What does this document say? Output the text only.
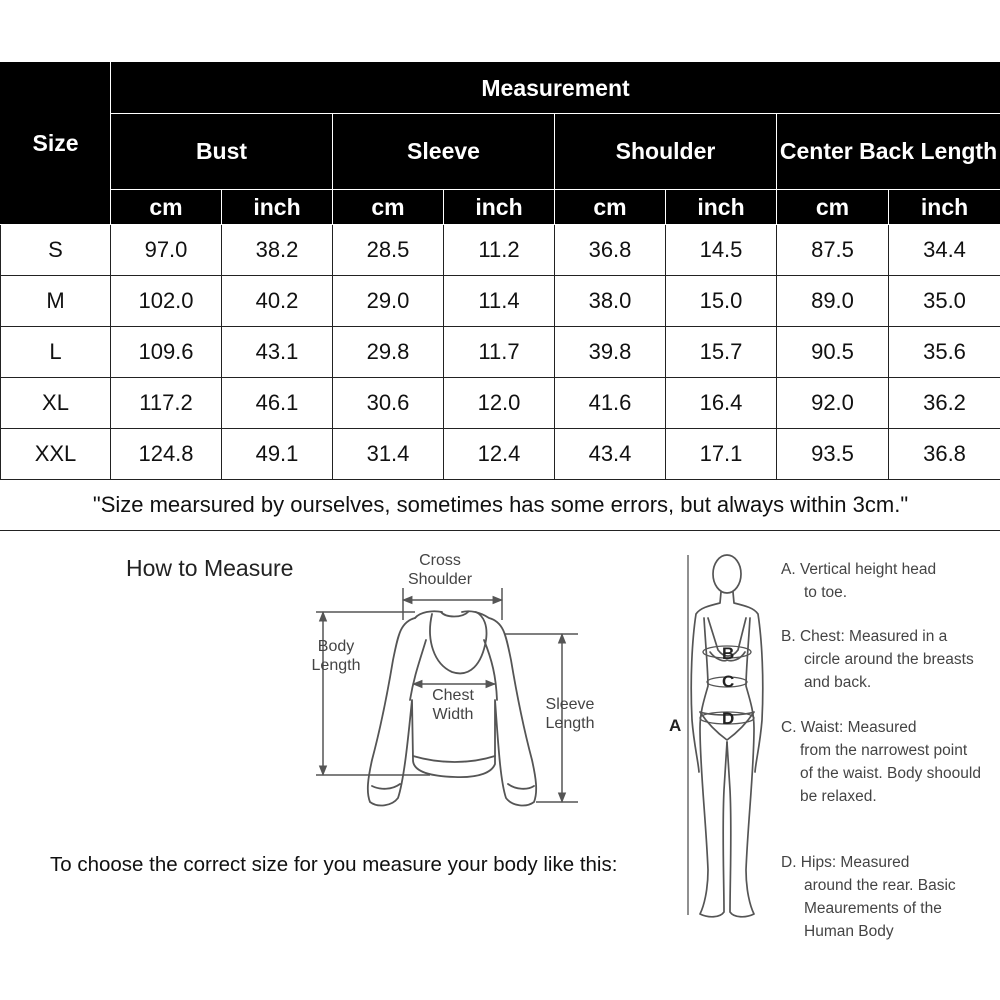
Size	Measurement							
	Bust		Sleeve		Shoulder		Center Back Length	
	cm	inch	cm	inch	cm	inch	cm	inch
S	97.0	38.2	28.5	11.2	36.8	14.5	87.5	34.4
M	102.0	40.2	29.0	11.4	38.0	15.0	89.0	35.0
L	109.6	43.1	29.8	11.7	39.8	15.7	90.5	35.6
XL	117.2	46.1	30.6	12.0	41.6	16.4	92.0	36.2
XXL	124.8	49.1	31.4	12.4	43.4	17.1	93.5	36.8
"Size mearsured by ourselves, sometimes has some errors, but always within 3cm."								
How to Measure	Cross Shoulder
Body Length
Chest Width
Sleeve Length	A
B
C
D
A. Vertical height head
to toe.
B. Chest: Measured in a
circle around the breasts and back.
C. Waist: Measured
from the narrowest point of the waist. Body shoould be relaxed.
D. Hips: Measured
around the rear. Basic Meaurements of the Human Body
To choose the correct size for you measure your body like this:
